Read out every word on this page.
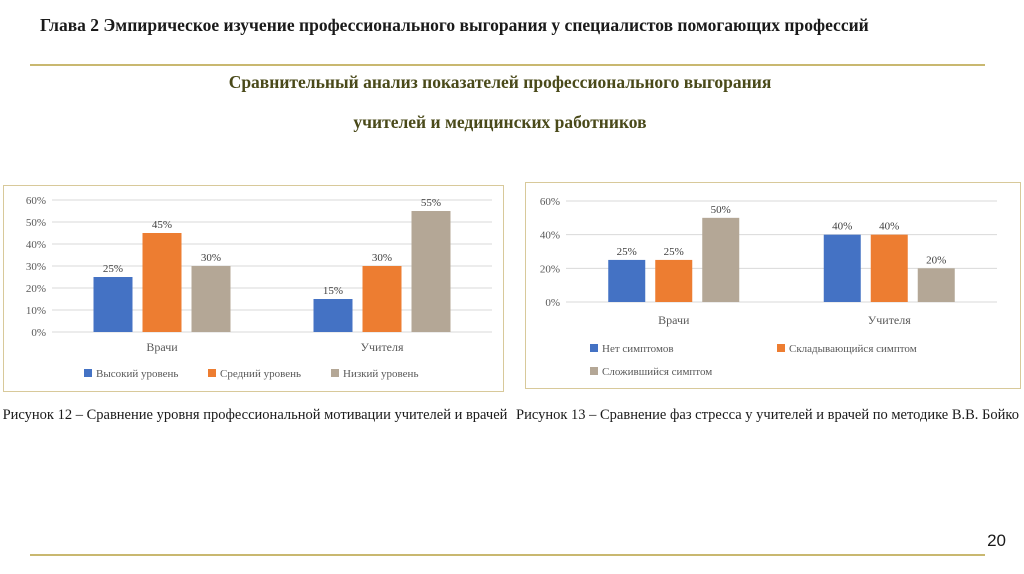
Глава 2 Эмпирическое изучение профессионального выгорания у специалистов помогающих профессий
Сравнительный анализ показателей профессионального выгорания
учителей и медицинских работников
0%
10%
20%
30%
40%
50%
60%
25%
45%
30%
Врачи
15%
30%
55%
Учителя
Высокий уровень	Средний уровень	Низкий уровень
0%
20%
40%
60%
25% 25%
50%
Врачи
40% 40%
20%
Учителя
Нет симптомов	Складывающийся симптом
Сложившийся симптом
Рисунок 12 – Сравнение уровня профессиональной мотивации учителей и врачей Рисунок 13 – Сравнение фаз стресса у учителей и врачей по методике В.В. Бойко
20
